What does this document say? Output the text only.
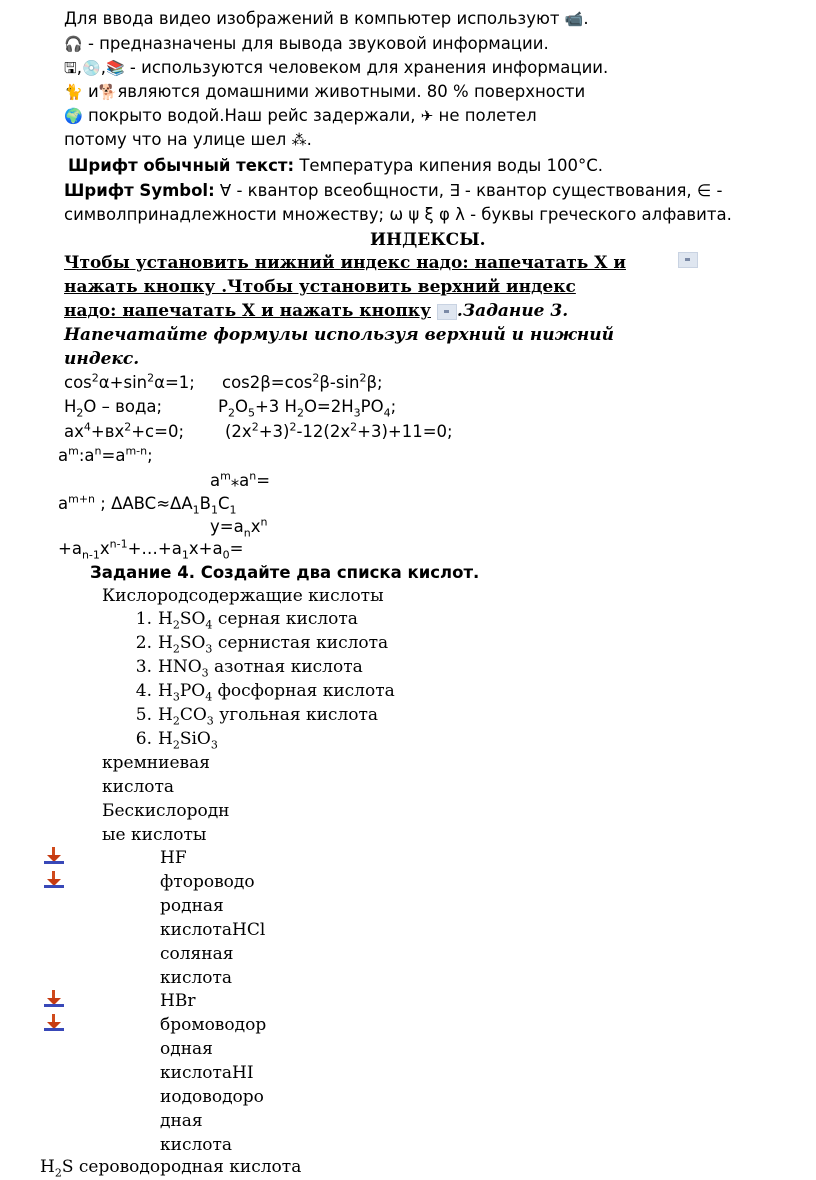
Для ввода видео изображений в компьютер используют 📹.
🎧 - предназначены для вывода звуковой информации.
🖫,💿,📚 - используются человеком для хранения информации.
🐈 и🐕являются домашними животными. 80 % поверхности
🌍 покрыто водой.Наш рейс задержали, ✈ не полетел
потому что на улице шел ⁂.
Шрифт обычный текст: Температура кипения воды 100°С.
Шрифт Symbol: ∀ - квантор всеобщности, ∃ - квантор существования, ∈ -
символпринадлежности множеству; ω ψ ξ φ λ - буквы греческого алфавита.
ИНДЕКСЫ.
Чтобы установить нижний индекс надо: напечатать Х и
нажать кнопку .Чтобы установить верхний индекс
надо: напечатать Х и нажать кнопку .Задание 3.
Напечатайте формулы используя верхний и нижний
индекс.
$\cos^2\alpha+\sin^2\alpha=1$; $\cos 2\beta=\cos^2\beta-\sin^2\beta$;
$H_2O$ – вода;	$P_2O_5+3$ $H_2O=2H_3PO_4$;
$ax^4+вx^2+c=0$; $(2x^2+3)^2-12(2x^2+3)+11=0$;
$a^m:a^n=a^{m-n}$;
$a^m⁎a^n=$
$a^{m+n}$ ; $\Delta ABC\approx\Delta A_1B_1C_1$
$y=a_nx^n$
$+a_{n-1}x^{n-1}+\dots+a_1x+a_0=$
Задание 4. Создайте два списка кислот.
Кислородсодержащие кислоты
1. $H_2SO_4$ серная кислота
2. $H_2SO_3$ сернистая кислота
3. $HNO_3$ азотная кислота
4. $H_3PO_4$ фосфорная кислота
5. $H_2CO_3$ угольная кислота
6. $H_2SiO_3$
кремниевая
кислота
Бескислородн
ые кислоты
HF
фтороводо
родная
кислотаHCl
соляная
кислота
HBr
бромоводор
одная
кислотаHI
иодоводоро
дная
кислота
$H_2S$ сероводородная кислота
